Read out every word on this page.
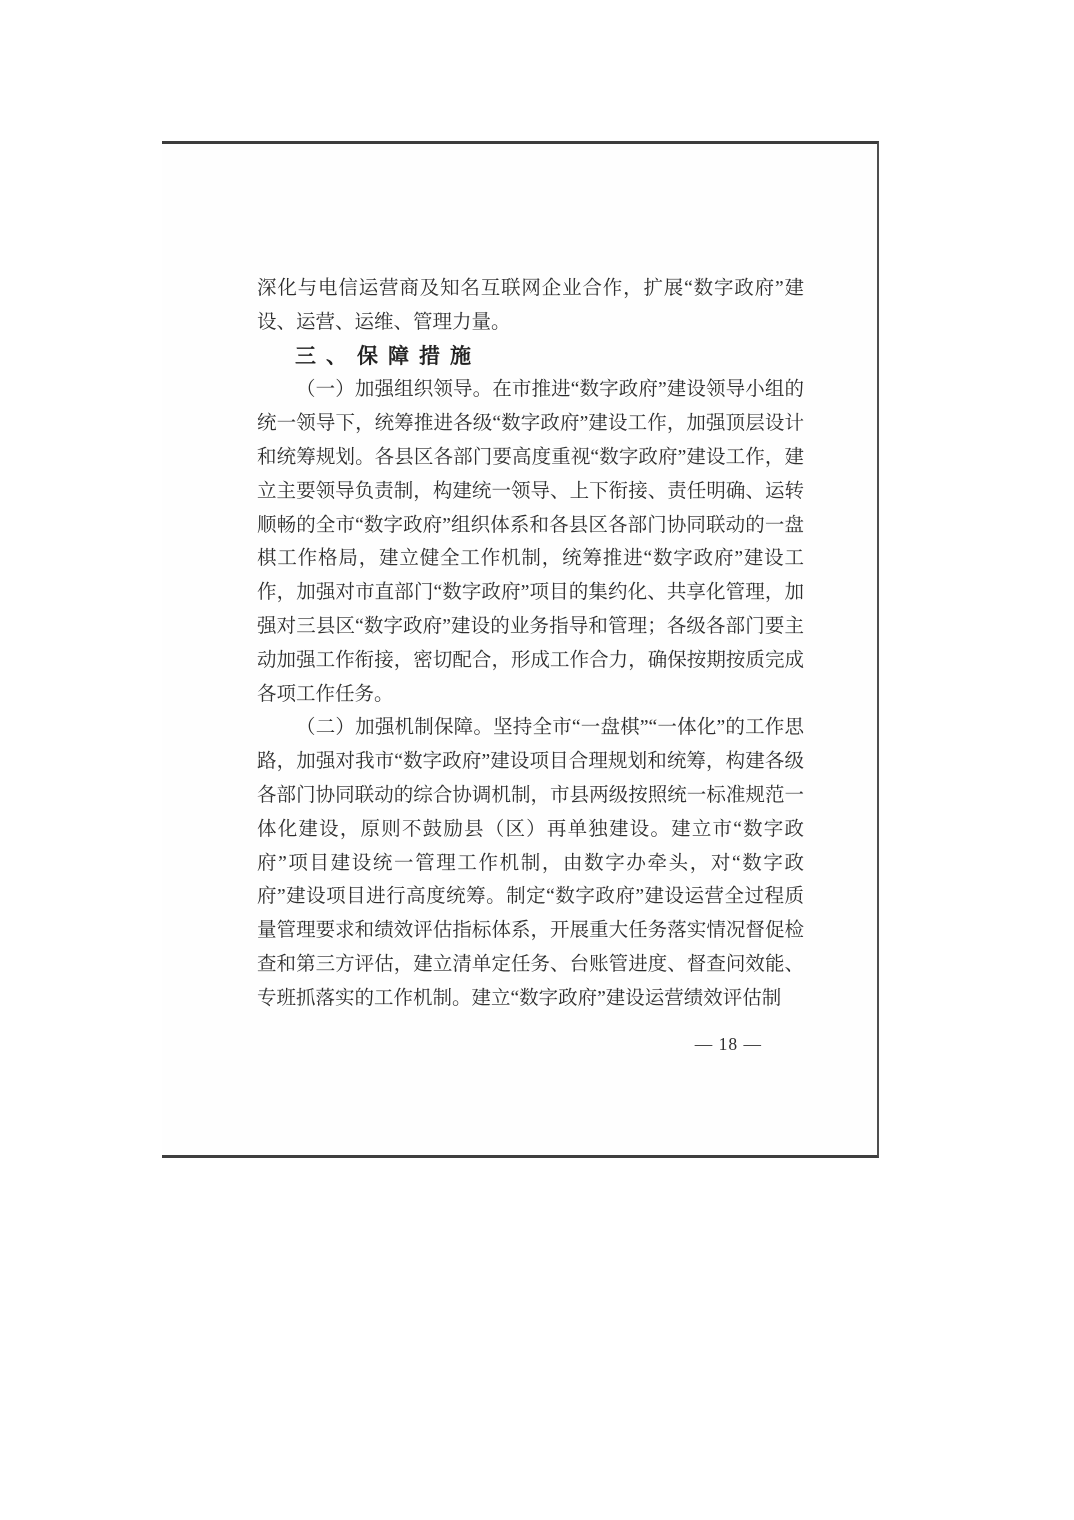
深化与电信运营商及知名互联网企业合作，扩展“数字政府”建设、运营、运维、管理力量。

三、保障措施

（一）加强组织领导。在市推进“数字政府”建设领导小组的统一领导下，统筹推进各级“数字政府”建设工作，加强顶层设计和统筹规划。各县区各部门要高度重视“数字政府”建设工作，建立主要领导负责制，构建统一领导、上下衔接、责任明确、运转顺畅的全市“数字政府”组织体系和各县区各部门协同联动的一盘棋工作格局，建立健全工作机制，统筹推进“数字政府”建设工作，加强对市直部门“数字政府”项目的集约化、共享化管理，加强对三县区“数字政府”建设的业务指导和管理；各级各部门要主动加强工作衔接，密切配合，形成工作合力，确保按期按质完成各项工作任务。

（二）加强机制保障。坚持全市“一盘棋”“一体化”的工作思路，加强对我市“数字政府”建设项目合理规划和统筹，构建各级各部门协同联动的综合协调机制，市县两级按照统一标准规范一体化建设，原则不鼓励县（区）再单独建设。建立市“数字政府”项目建设统一管理工作机制，由数字办牵头，对“数字政府”建设项目进行高度统筹。制定“数字政府”建设运营全过程质量管理要求和绩效评估指标体系，开展重大任务落实情况督促检查和第三方评估，建立清单定任务、台账管进度、督查问效能、专班抓落实的工作机制。建立“数字政府”建设运营绩效评估制

— 18 —
